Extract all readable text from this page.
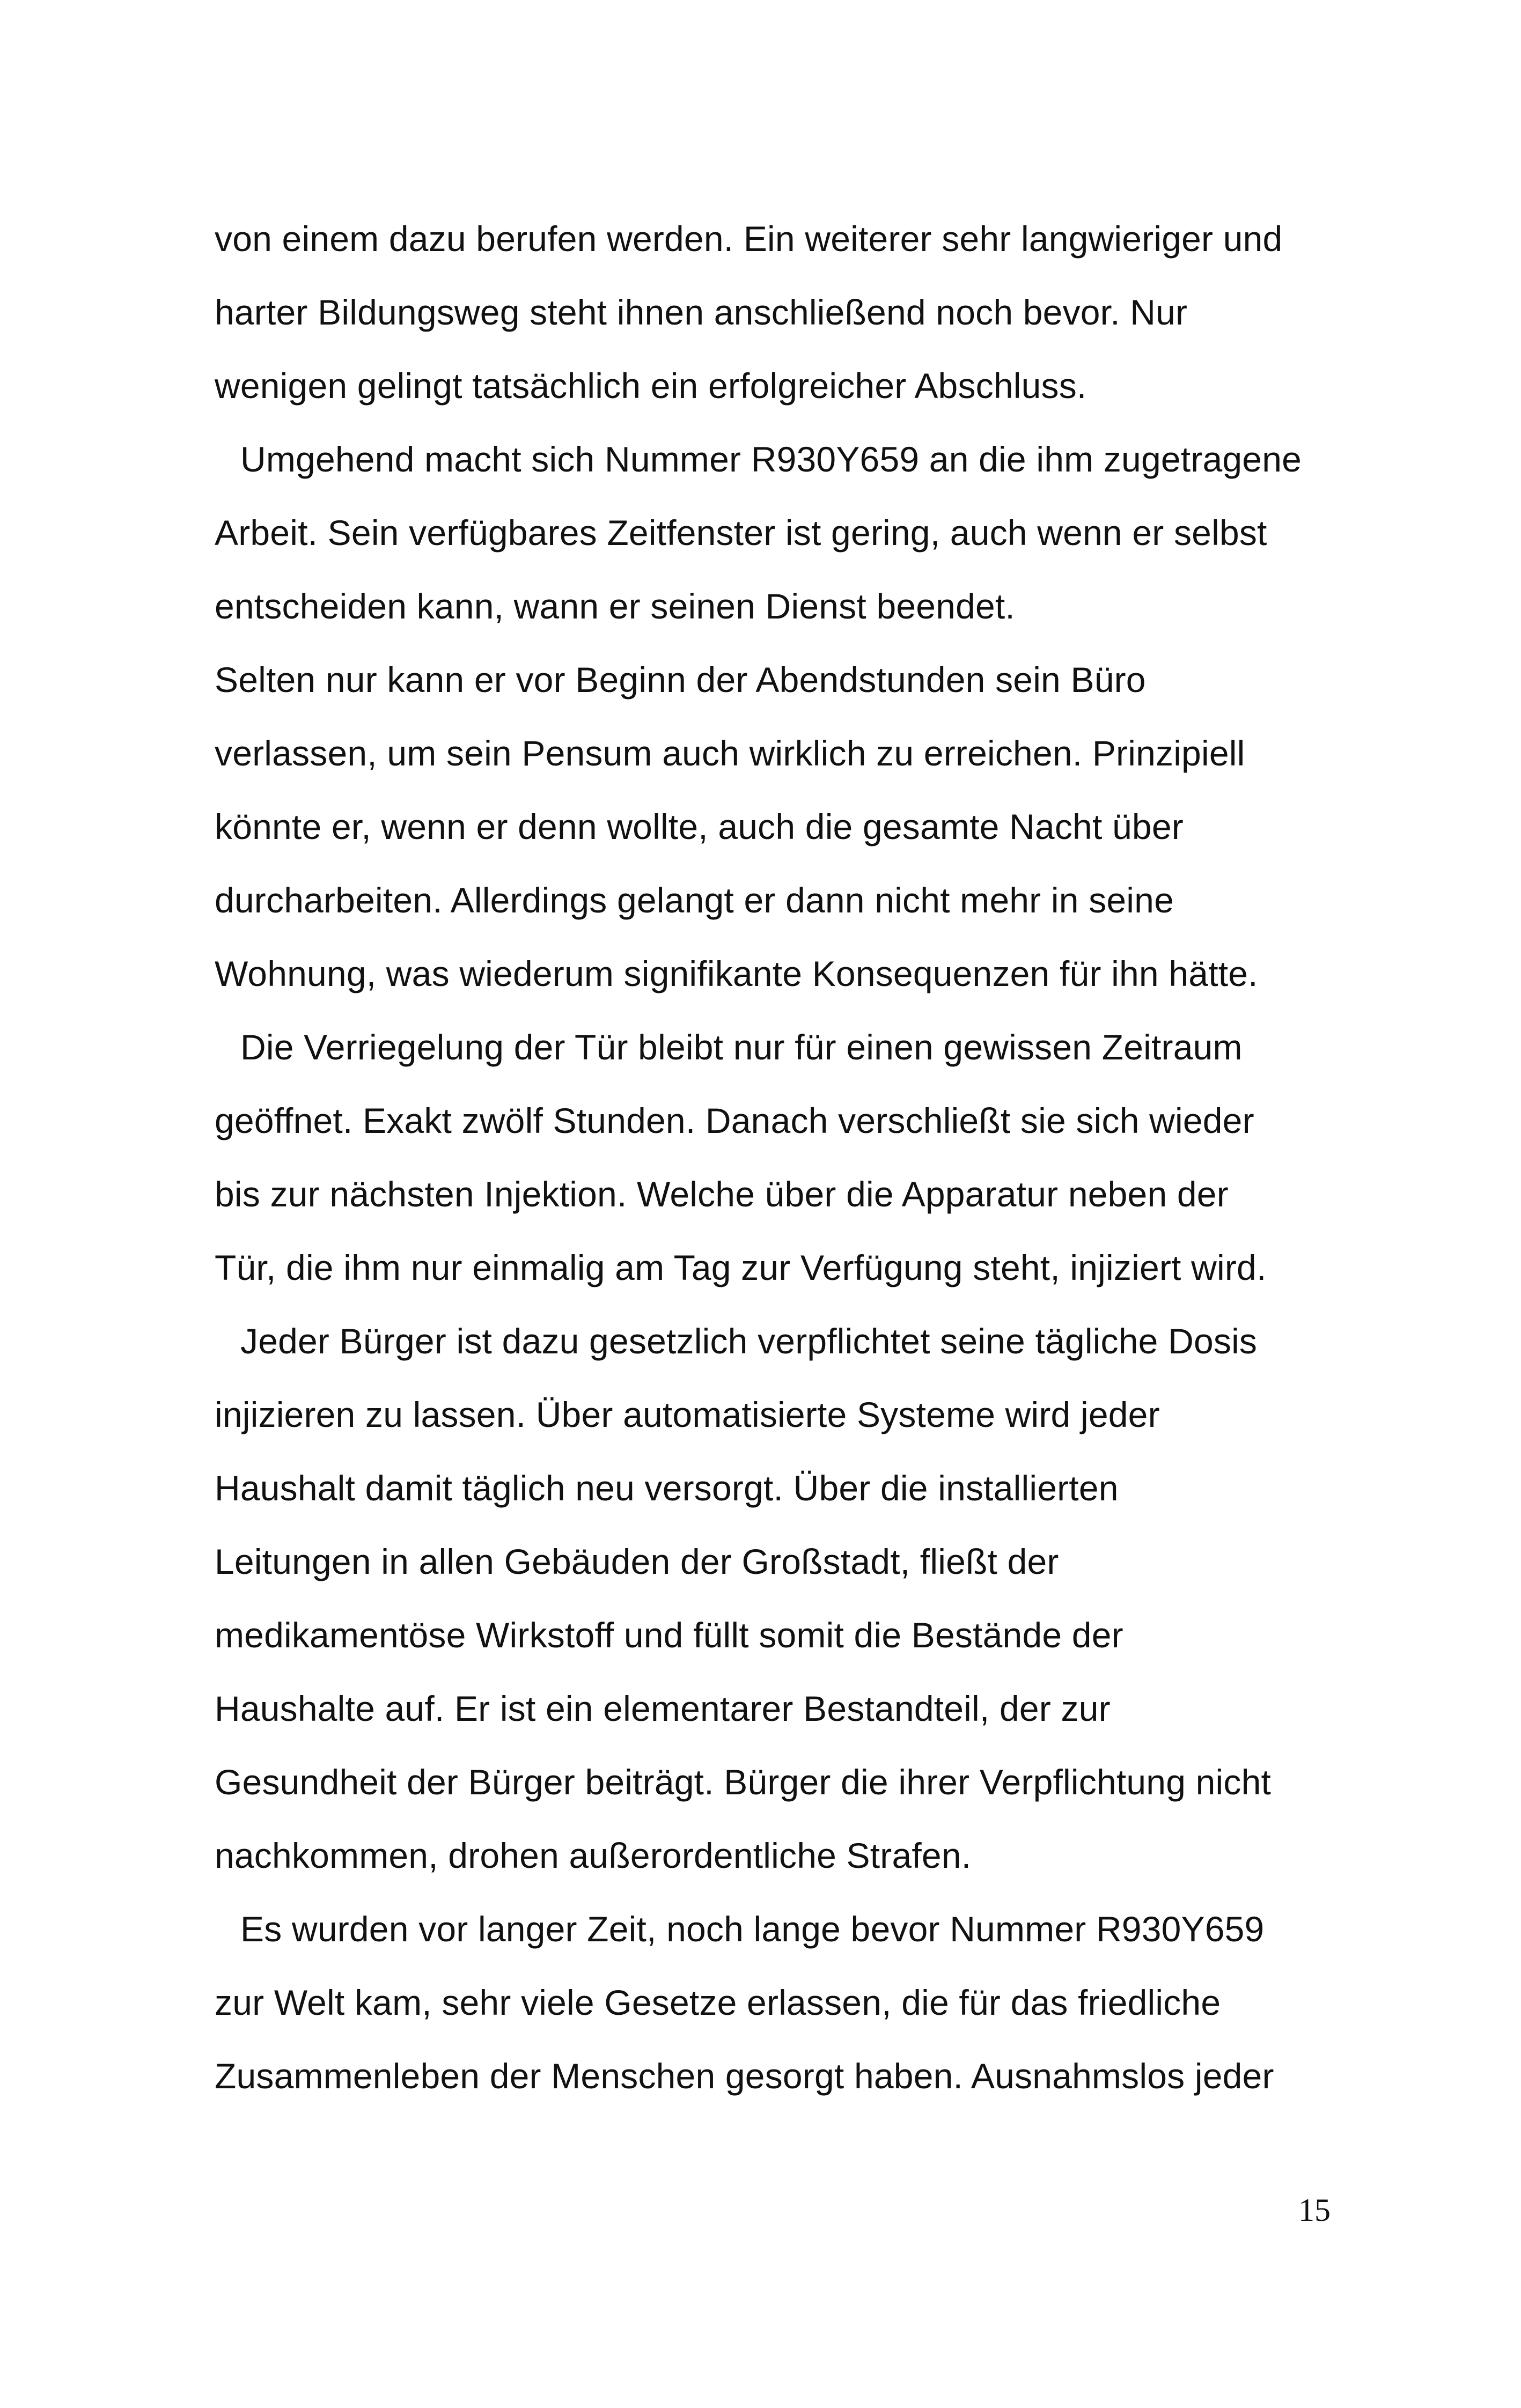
von einem dazu berufen werden. Ein weiterer sehr langwieriger und
harter Bildungsweg steht ihnen anschließend noch bevor. Nur
wenigen gelingt tatsächlich ein erfolgreicher Abschluss.
Umgehend macht sich Nummer R930Y659 an die ihm zugetragene
Arbeit. Sein verfügbares Zeitfenster ist gering, auch wenn er selbst
entscheiden kann, wann er seinen Dienst beendet.
Selten nur kann er vor Beginn der Abendstunden sein Büro
verlassen, um sein Pensum auch wirklich zu erreichen. Prinzipiell
könnte er, wenn er denn wollte, auch die gesamte Nacht über
durcharbeiten. Allerdings gelangt er dann nicht mehr in seine
Wohnung, was wiederum signifikante Konsequenzen für ihn hätte.
Die Verriegelung der Tür bleibt nur für einen gewissen Zeitraum
geöffnet. Exakt zwölf Stunden. Danach verschließt sie sich wieder
bis zur nächsten Injektion. Welche über die Apparatur neben der
Tür, die ihm nur einmalig am Tag zur Verfügung steht, injiziert wird.
Jeder Bürger ist dazu gesetzlich verpflichtet seine tägliche Dosis
injizieren zu lassen. Über automatisierte Systeme wird jeder
Haushalt damit täglich neu versorgt. Über die installierten
Leitungen in allen Gebäuden der Großstadt, fließt der
medikamentöse Wirkstoff und füllt somit die Bestände der
Haushalte auf. Er ist ein elementarer Bestandteil, der zur
Gesundheit der Bürger beiträgt. Bürger die ihrer Verpflichtung nicht
nachkommen, drohen außerordentliche Strafen.
Es wurden vor langer Zeit, noch lange bevor Nummer R930Y659
zur Welt kam, sehr viele Gesetze erlassen, die für das friedliche
Zusammenleben der Menschen gesorgt haben. Ausnahmslos jeder
15
